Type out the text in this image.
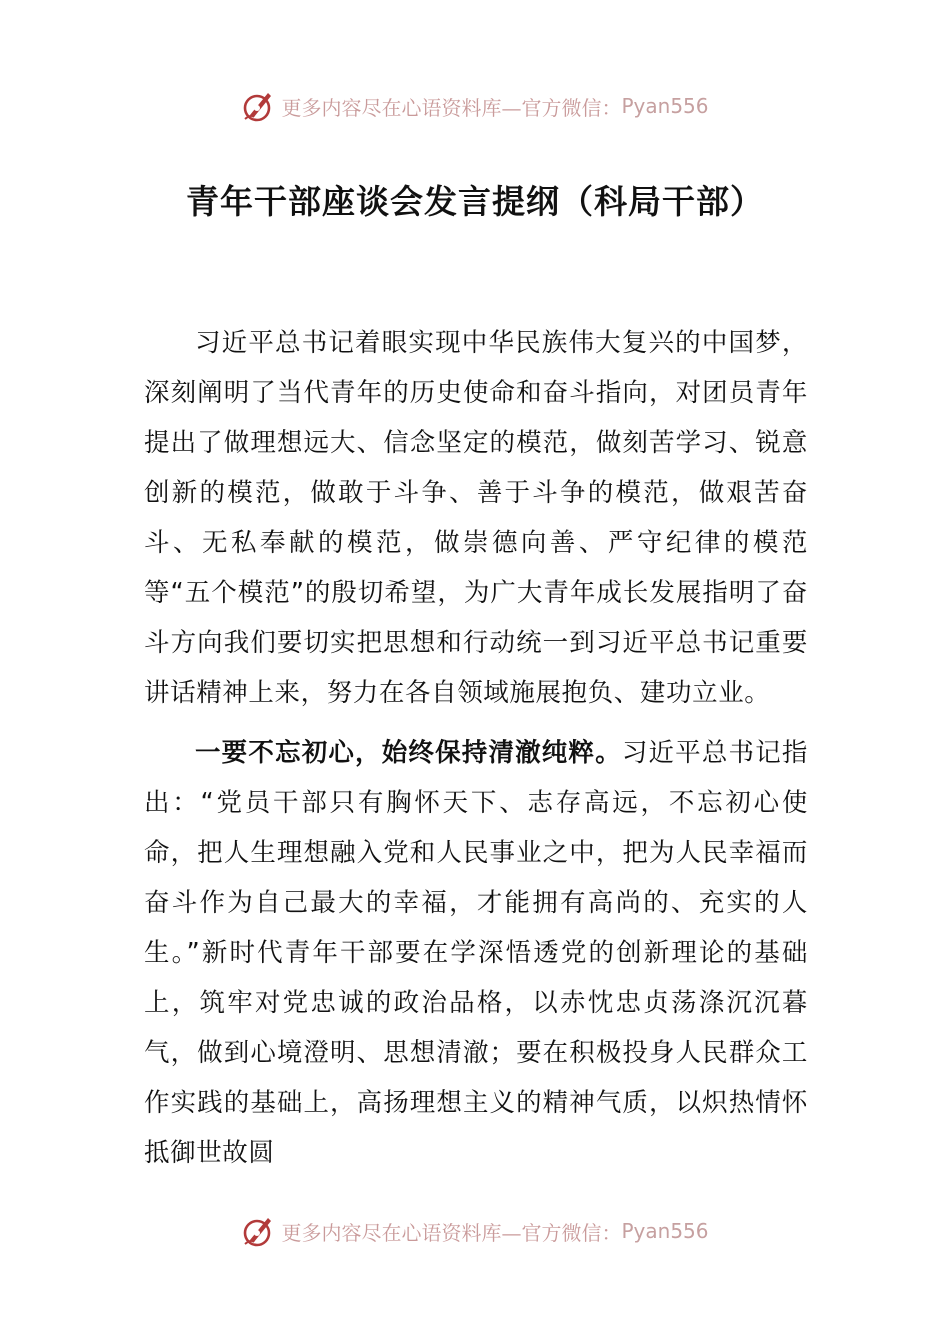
更多内容尽在心语资料库—官方微信： Pyan556
青年干部座谈会发言提纲（科局干部）

习近平总书记着眼实现中华民族伟大复兴的中国梦，深刻阐明了当代青年的历史使命和奋斗指向，对团员青年提出了做理想远大、信念坚定的模范，做刻苦学习、锐意创新的模范，做敢于斗争、善于斗争的模范，做艰苦奋斗、无私奉献的模范，做崇德向善、严守纪律的模范等“五个模范”的殷切希望，为广大青年成长发展指明了奋斗方向我们要切实把思想和行动统一到习近平总书记重要讲话精神上来，努力在各自领域施展抱负、建功立业。

一要不忘初心，始终保持清澈纯粹。习近平总书记指出：“党员干部只有胸怀天下、志存高远，不忘初心使命，把人生理想融入党和人民事业之中，把为人民幸福而奋斗作为自己最大的幸福，才能拥有高尚的、充实的人生。”新时代青年干部要在学深悟透党的创新理论的基础上，筑牢对党忠诚的政治品格，以赤忱忠贞荡涤沉沉暮气，做到心境澄明、思想清澈；要在积极投身人民群众工作实践的基础上，高扬理想主义的精神气质，以炽热情怀抵御世故圆

更多内容尽在心语资料库—官方微信： Pyan556
